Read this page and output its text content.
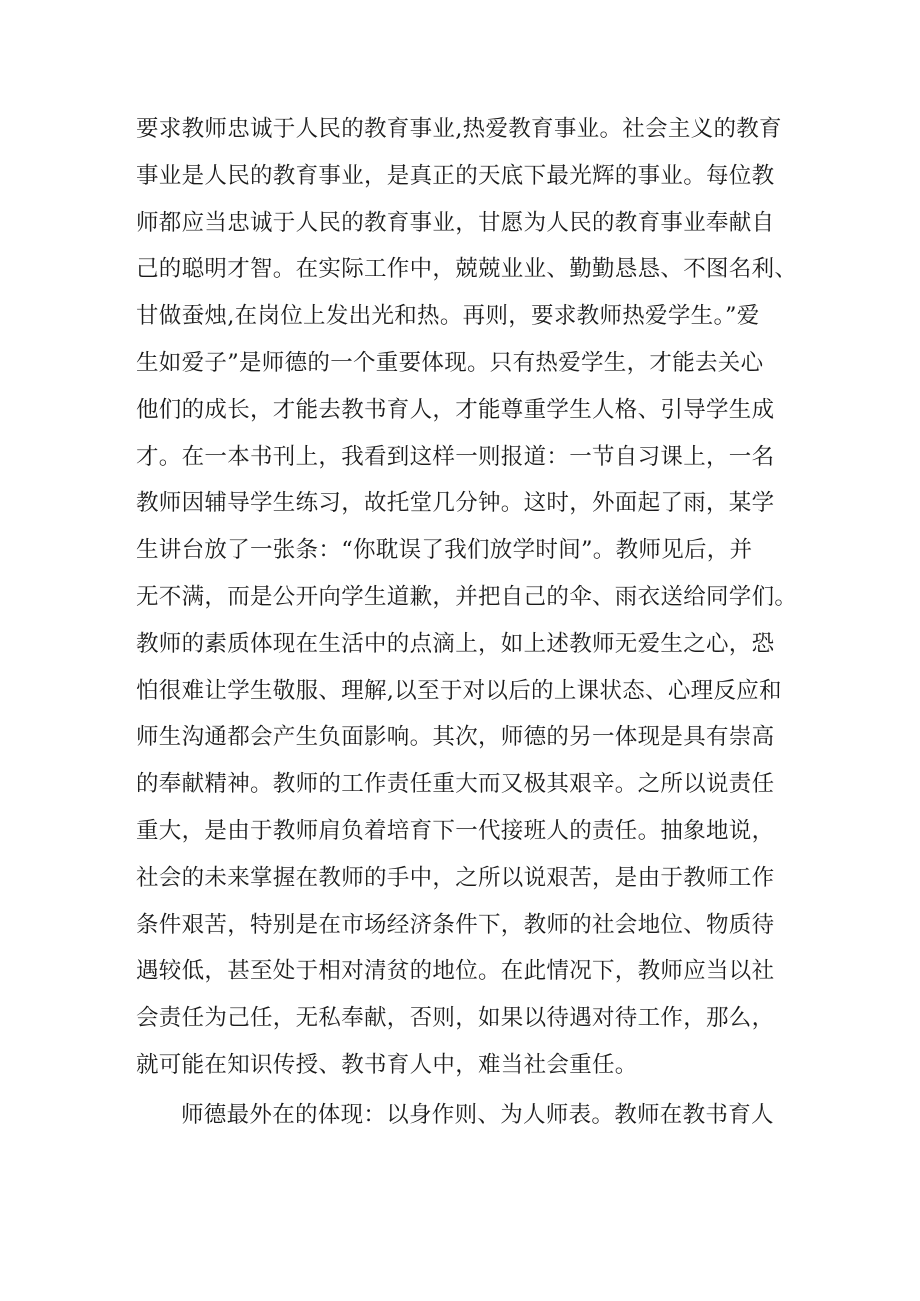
要求教师忠诚于人民的教育事业,热爱教育事业。社会主义的教育
事业是人民的教育事业，是真正的天底下最光辉的事业。每位教
师都应当忠诚于人民的教育事业，甘愿为人民的教育事业奉献自
己的聪明才智。在实际工作中，兢兢业业、勤勤恳恳、不图名利、
甘做蚕烛,在岗位上发出光和热。再则，要求教师热爱学生。”爱
生如爱子”是师德的一个重要体现。只有热爱学生，才能去关心
他们的成长，才能去教书育人，才能尊重学生人格、引导学生成
才。在一本书刊上，我看到这样一则报道：一节自习课上，一名
教师因辅导学生练习，故托堂几分钟。这时，外面起了雨，某学
生讲台放了一张条：“你耽误了我们放学时间”。教师见后，并
无不满，而是公开向学生道歉，并把自己的伞、雨衣送给同学们。
教师的素质体现在生活中的点滴上，如上述教师无爱生之心，恐
怕很难让学生敬服、理解,以至于对以后的上课状态、心理反应和
师生沟通都会产生负面影响。其次，师德的另一体现是具有崇高
的奉献精神。教师的工作责任重大而又极其艰辛。之所以说责任
重大，是由于教师肩负着培育下一代接班人的责任。抽象地说，
社会的未来掌握在教师的手中，之所以说艰苦，是由于教师工作
条件艰苦，特别是在市场经济条件下，教师的社会地位、物质待
遇较低，甚至处于相对清贫的地位。在此情况下，教师应当以社
会责任为己任，无私奉献，否则，如果以待遇对待工作，那么，
就可能在知识传授、教书育人中，难当社会重任。
师德最外在的体现：以身作则、为人师表。教师在教书育人
